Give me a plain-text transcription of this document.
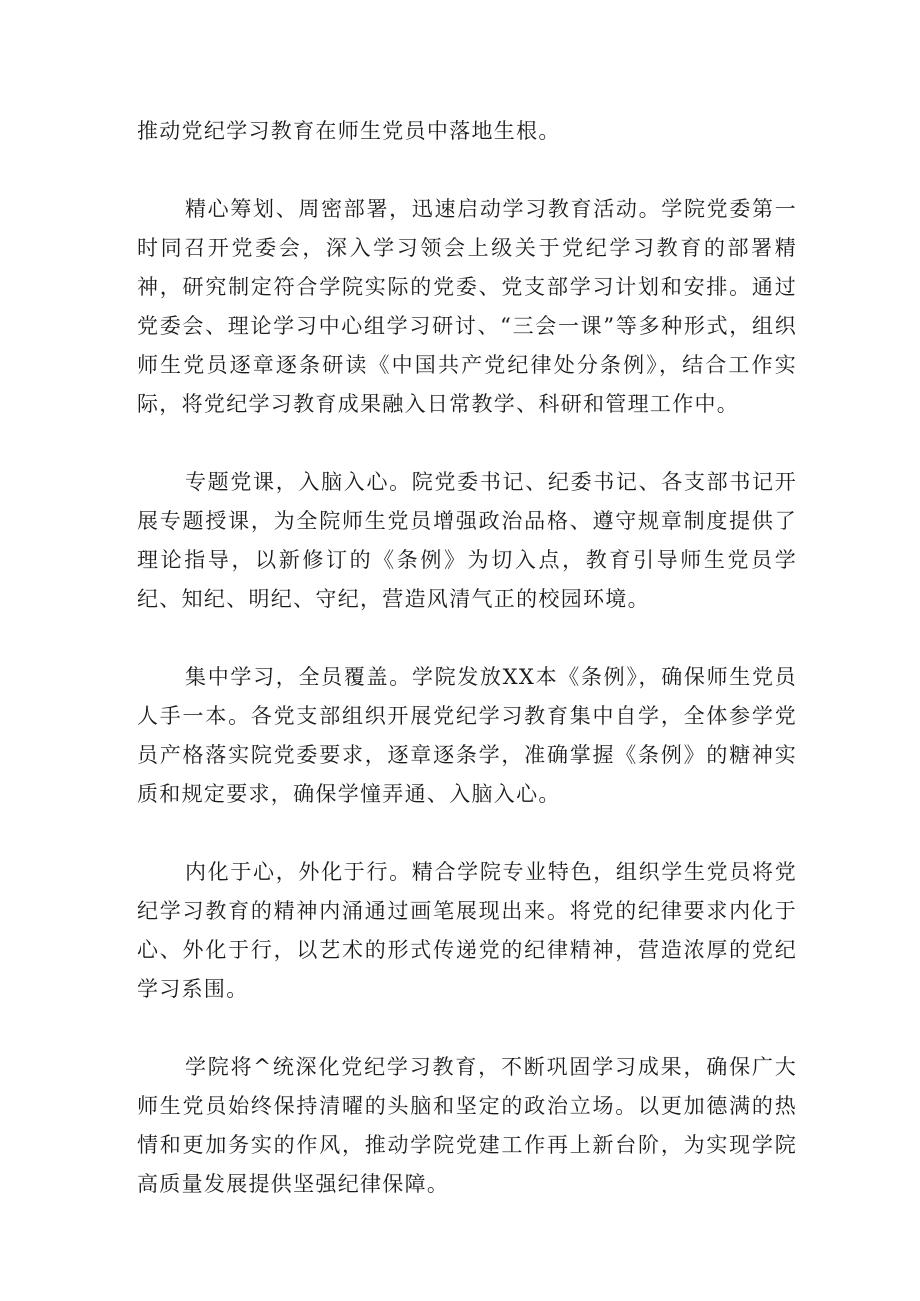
推动党纪学习教育在师生党员中落地生根。

精心筹划、周密部署，迅速启动学习教育活动。学院党委第一时同召开党委会，深入学习领会上级关于党纪学习教育的部署精神，研究制定符合学院实际的党委、党支部学习计划和安排。通过党委会、理论学习中心组学习研讨、“三会一课”等多种形式，组织师生党员逐章逐条研读《中国共产党纪律处分条例》，结合工作实际，将党纪学习教育成果融入日常教学、科研和管理工作中。

专题党课，入脑入心。院党委书记、纪委书记、各支部书记开展专题授课，为全院师生党员增强政治品格、遵守规章制度提供了理论指导，以新修订的《条例》为切入点，教育引导师生党员学纪、知纪、明纪、守纪，营造风清气正的校园环境。

集中学习，全员覆盖。学院发放XX本《条例》，确保师生党员人手一本。各党支部组织开展党纪学习教育集中自学，全体参学党员产格落实院党委要求，逐章逐条学，准确掌握《条例》的糖神实质和规定要求，确保学憧弄通、入脑入心。

内化于心，外化于行。精合学院专业特色，组织学生党员将党纪学习教育的精神内涌通过画笔展现出来。将党的纪律要求内化于心、外化于行，以艺术的形式传递党的纪律精神，营造浓厚的党纪学习系围。

学院将^统深化党纪学习教育，不断巩固学习成果，确保广大师生党员始终保持清曜的头脑和坚定的政治立场。以更加德满的热情和更加务实的作风，推动学院党建工作再上新台阶，为实现学院高质量发展提供坚强纪律保障。
